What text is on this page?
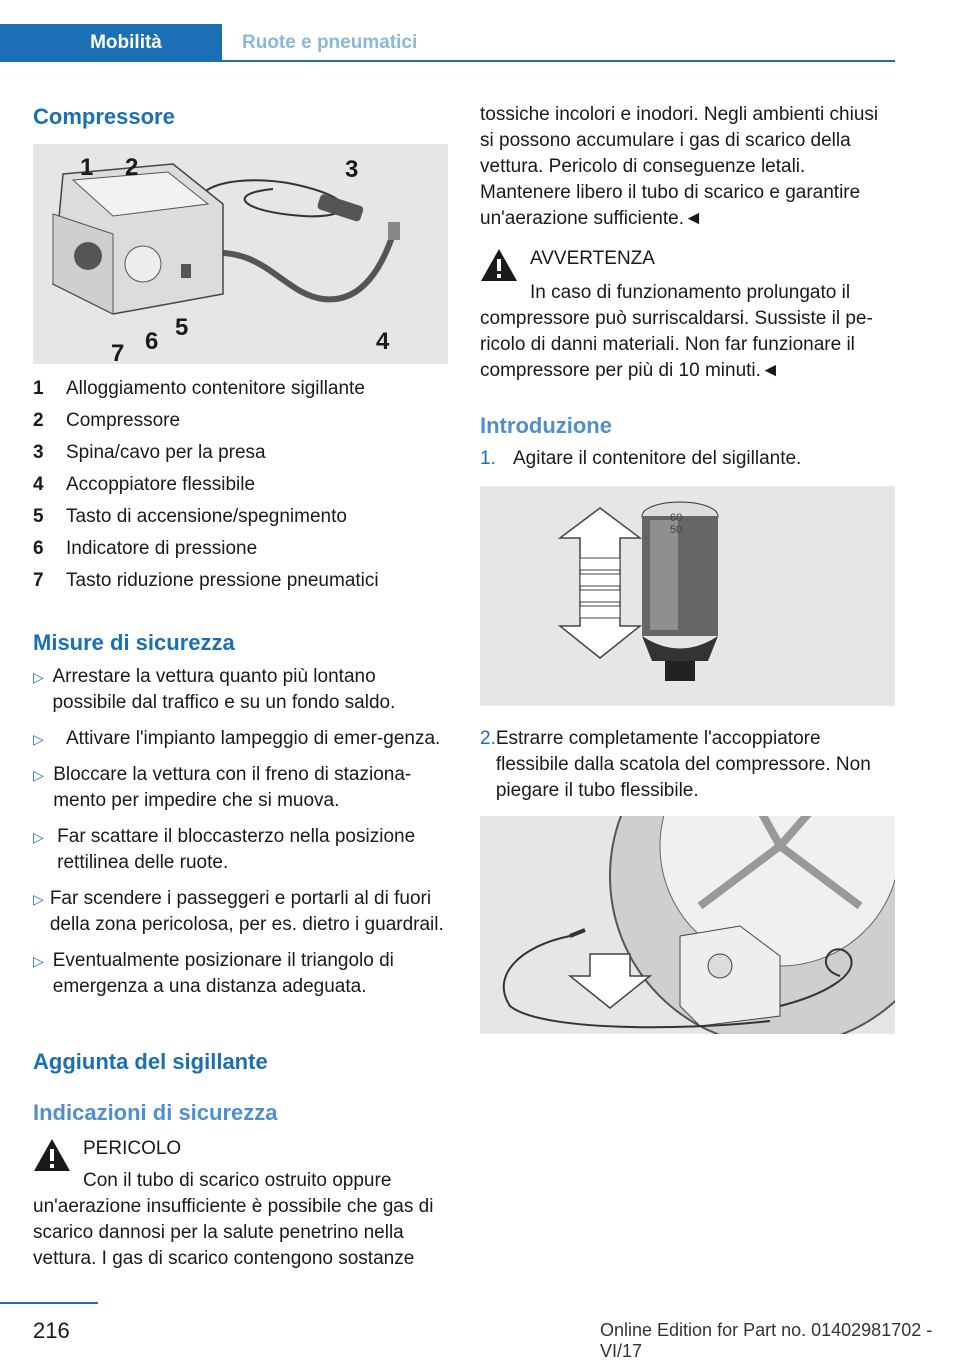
Mobilità	Ruote e pneumatici
Compressore
1 2	3
4
5
6
7
1	Alloggiamento contenitore sigillante
2	Compressore
3	Spina/cavo per la presa
4	Accoppiatore flessibile
5	Tasto di accensione/spegnimento
6	Indicatore di pressione
7	Tasto riduzione pressione pneumatici
Misure di sicurezza
▷ Arrestare la vettura quanto più lontano possibile dal traffico e su un fondo saldo.
▷	Attivare l'impianto lampeggio di emer-genza.
▷ Bloccare la vettura con il freno di staziona-mento per impedire che si muova.
▷ Far scattare il bloccasterzo nella posizione rettilinea delle ruote.
▷ Far scendere i passeggeri e portarli al di fuori della zona pericolosa, per es. dietro i guardrail.
▷ Eventualmente posizionare il triangolo di emergenza a una distanza adeguata.
Aggiunta del sigillante
Indicazioni di sicurezza
PERICOLO
Con il tubo di scarico ostruito oppure
un'aerazione insufficiente è possibile che gas di scarico dannosi per la salute penetrino nella vettura. I gas di scarico contengono sostanze
tossiche incolori e inodori. Negli ambienti chiusi si possono accumulare i gas di scarico della vettura. Pericolo di conseguenze letali. Mantenere libero il tubo di scarico e garantire un'aerazione sufficiente.◄
AVVERTENZA
In caso di funzionamento prolungato il
compressore può surriscaldarsi. Sussiste il pe-ricolo di danni materiali. Non far funzionare il compressore per più di 10 minuti.◄
Introduzione
1. Agitare il contenitore del sigillante.
60
50
2. Estrarre completamente l'accoppiatore flessibile dalla scatola del compressore. Non piegare il tubo flessibile.
216	Online Edition for Part no. 01402981702 - VI/17
